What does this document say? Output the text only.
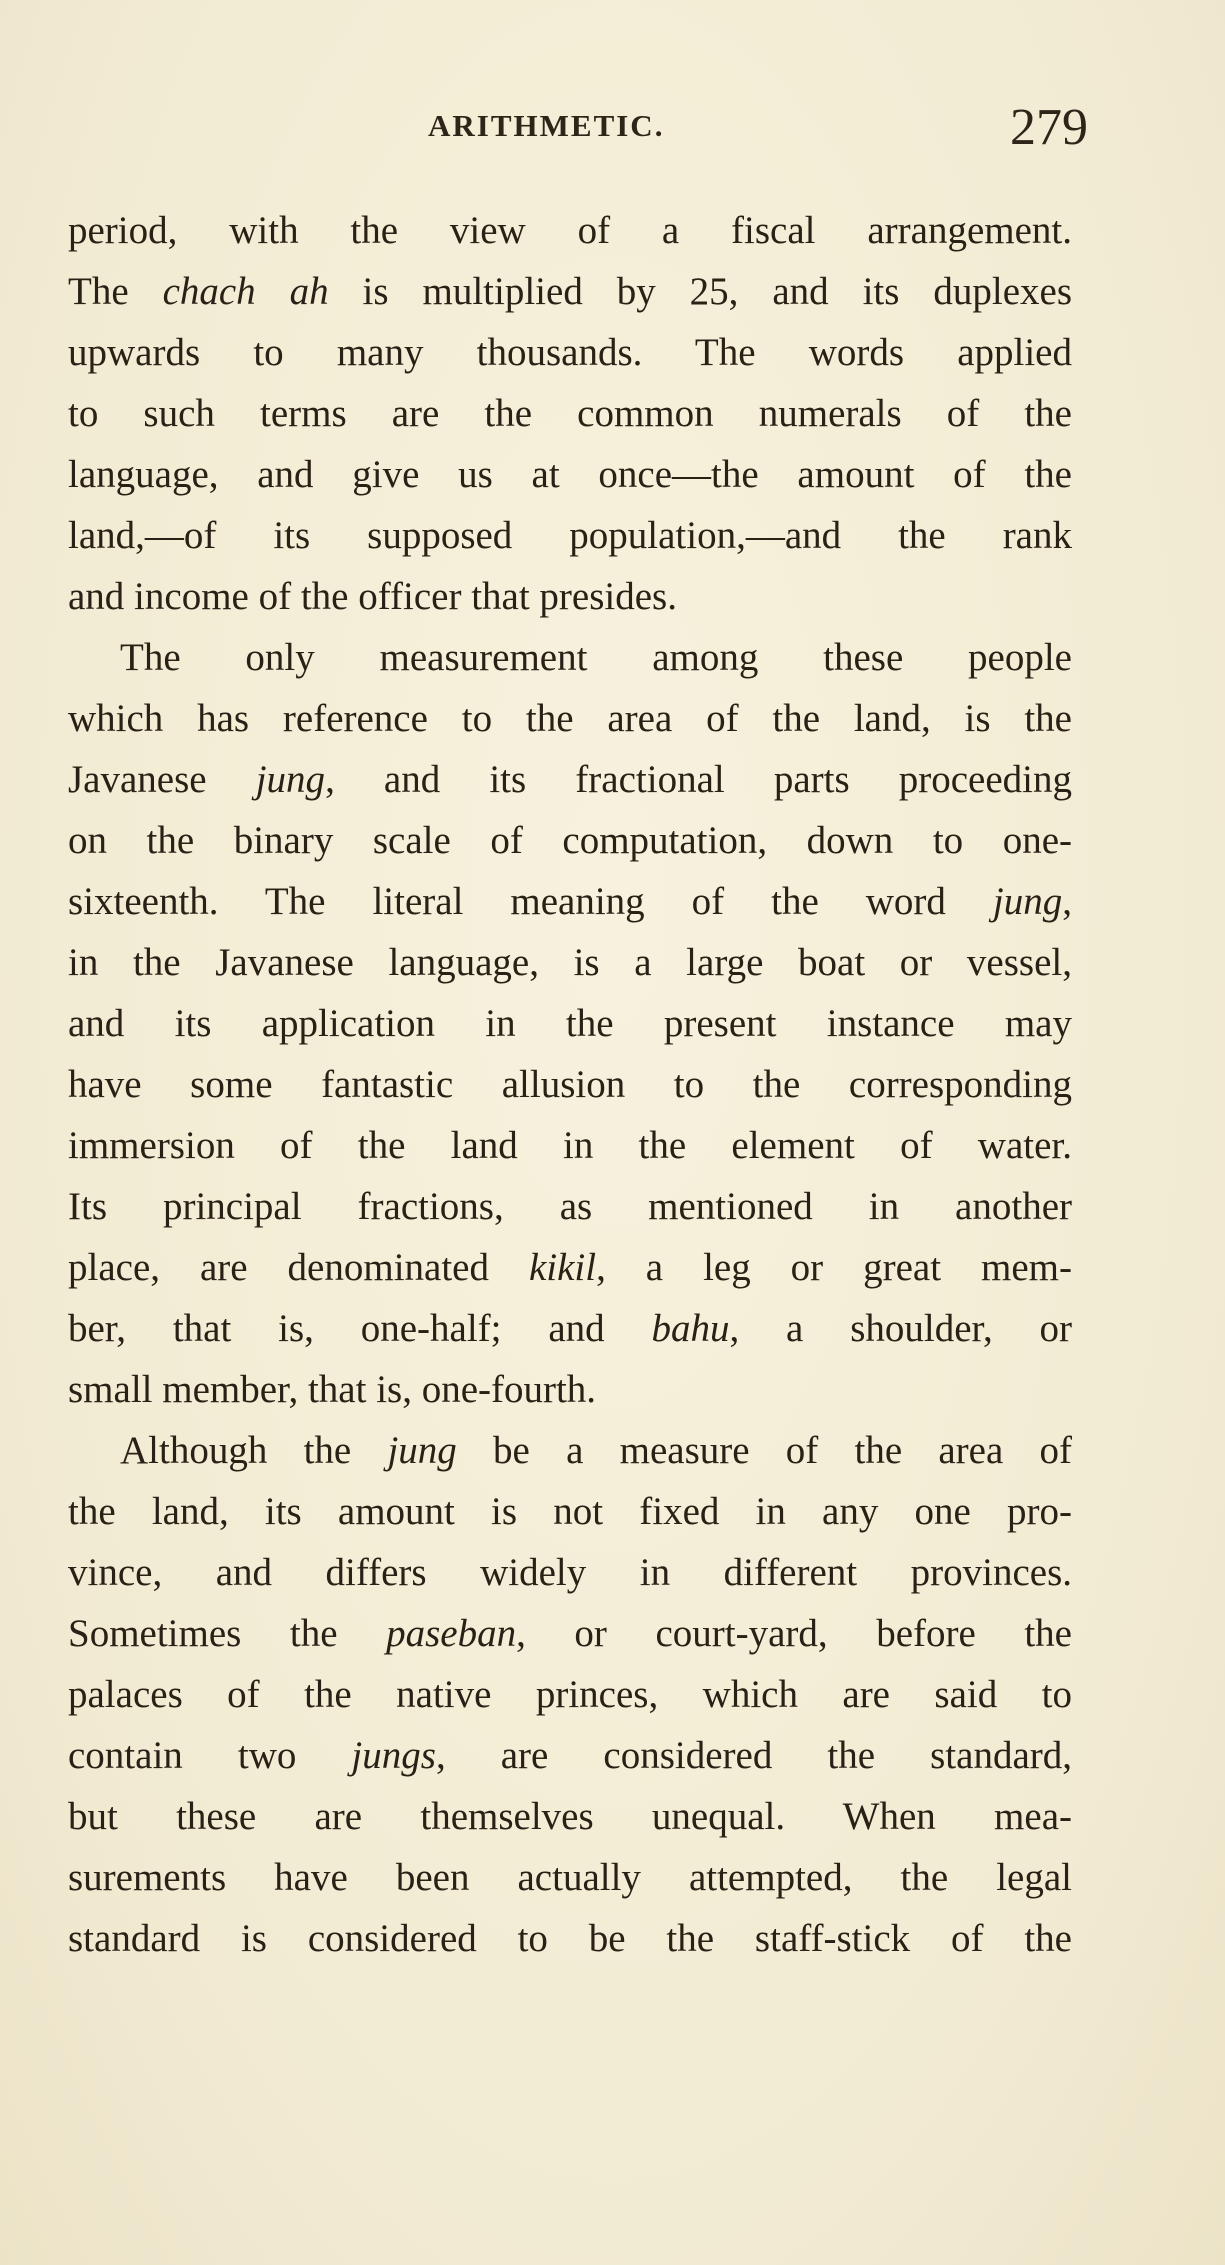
ARITHMETIC.	279
period, with the view of a fiscal arrangement.
The chach ah is multiplied by 25, and its duplexes
upwards to many thousands. The words applied
to such terms are the common numerals of the
language, and give us at once—the amount of the
land,—of its supposed population,—and the rank
and income of the officer that presides.
The only measurement among these people
which has reference to the area of the land, is the
Javanese jung, and its fractional parts proceeding
on the binary scale of computation, down to one-
sixteenth. The literal meaning of the word jung,
in the Javanese language, is a large boat or vessel,
and its application in the present instance may
have some fantastic allusion to the corresponding
immersion of the land in the element of water.
Its principal fractions, as mentioned in another
place, are denominated kikil, a leg or great mem-
ber, that is, one-half; and bahu, a shoulder, or
small member, that is, one-fourth.
Although the jung be a measure of the area of
the land, its amount is not fixed in any one pro-
vince, and differs widely in different provinces.
Sometimes the paseban, or court-yard, before the
palaces of the native princes, which are said to
contain two jungs, are considered the standard,
but these are themselves unequal. When mea-
surements have been actually attempted, the legal
standard is considered to be the staff-stick of the
